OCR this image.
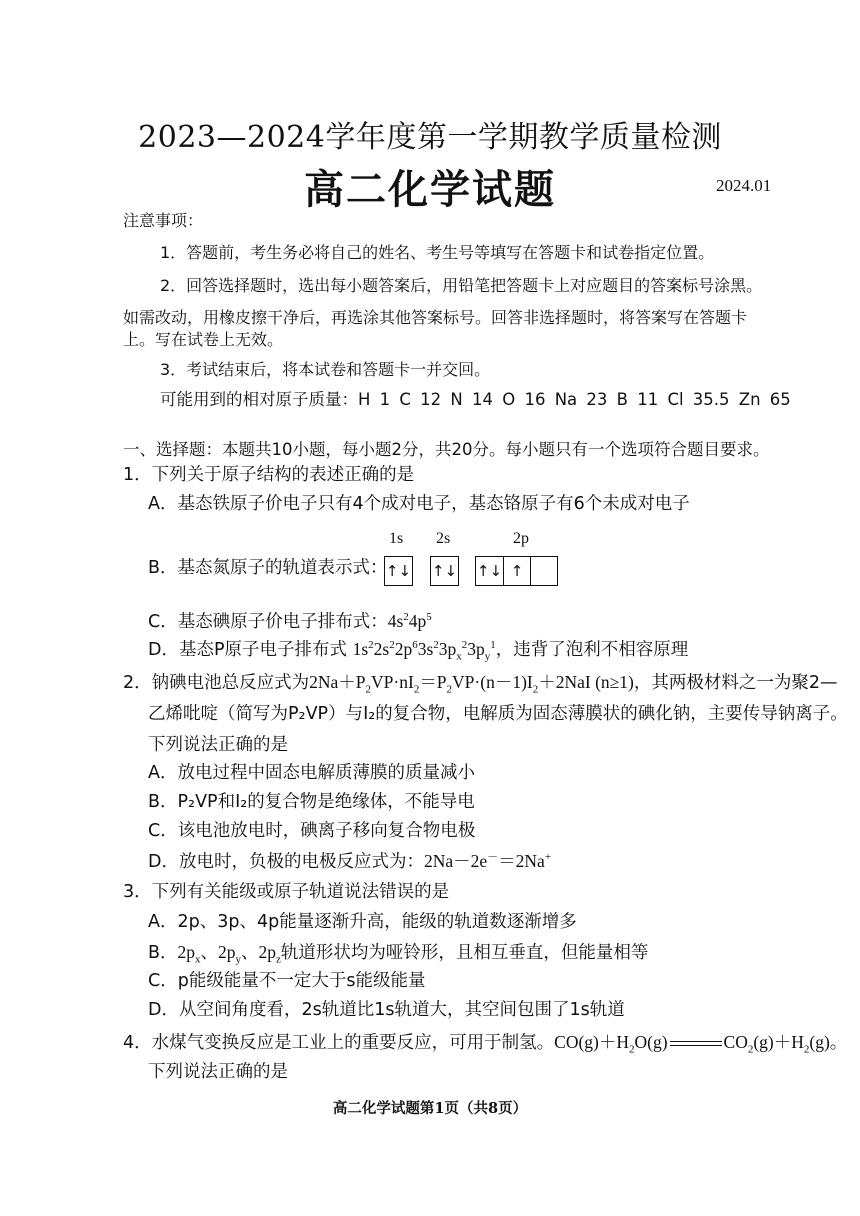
2023—2024学年度第一学期教学质量检测
高二化学试题	2024.01
注意事项：
1．答题前，考生务必将自己的姓名、考生号等填写在答题卡和试卷指定位置。
2．回答选择题时，选出每小题答案后，用铅笔把答题卡上对应题目的答案标号涂黑。
如需改动，用橡皮擦干净后，再选涂其他答案标号。回答非选择题时，将答案写在答题卡
上。写在试卷上无效。
3．考试结束后，将本试卷和答题卡一并交回。
可能用到的相对原子质量：H 1 C 12 N 14 O 16 Na 23 B 11 Cl 35.5 Zn 65
一、选择题：本题共10小题，每小题2分，共20分。每小题只有一个选项符合题目要求。
1．下列关于原子结构的表述正确的是
A．基态铁原子价电子只有4个成对电子，基态铬原子有6个未成对电子
B．基态氮原子的轨道表示式：
1s 2s	2p
↑↓ ↑↓ ↑↓ ↑
C．基态碘原子价电子排布式：$4s^24p^5$
D．基态P原子电子排布式 $1s^22s^22p^63s^23p_x^23p_y^1$，违背了泡利不相容原理
2．钠碘电池总反应式为$2Na+P_2VP\cdot nI_2=P_2VP\cdot(n-1)I_2+2NaI$ (n≥1)，其两极材料之一为聚2—
乙烯吡啶（简写为P₂VP）与I₂的复合物，电解质为固态薄膜状的碘化钠，主要传导钠离子。
下列说法正确的是
A．放电过程中固态电解质薄膜的质量减小
B．P₂VP和I₂的复合物是绝缘体，不能导电
C．该电池放电时，碘离子移向复合物电极
D．放电时，负极的电极反应式为：2Na－2e－＝2Na+
3．下列有关能级或原子轨道说法错误的是
A．2p、3p、4p能量逐渐升高，能级的轨道数逐渐增多
B．$2p_x$、$2p_y$、$2p_z$轨道形状均为哑铃形，且相互垂直，但能量相等
C．p能级能量不一定大于s能级能量
D．从空间角度看，2s轨道比1s轨道大，其空间包围了1s轨道
4．水煤气变换反应是工业上的重要反应，可用于制氢。$CO(g)+H_2O(g)$	$CO_2(g)+H_2(g)$。
下列说法正确的是
高二化学试题第1页（共8页）
